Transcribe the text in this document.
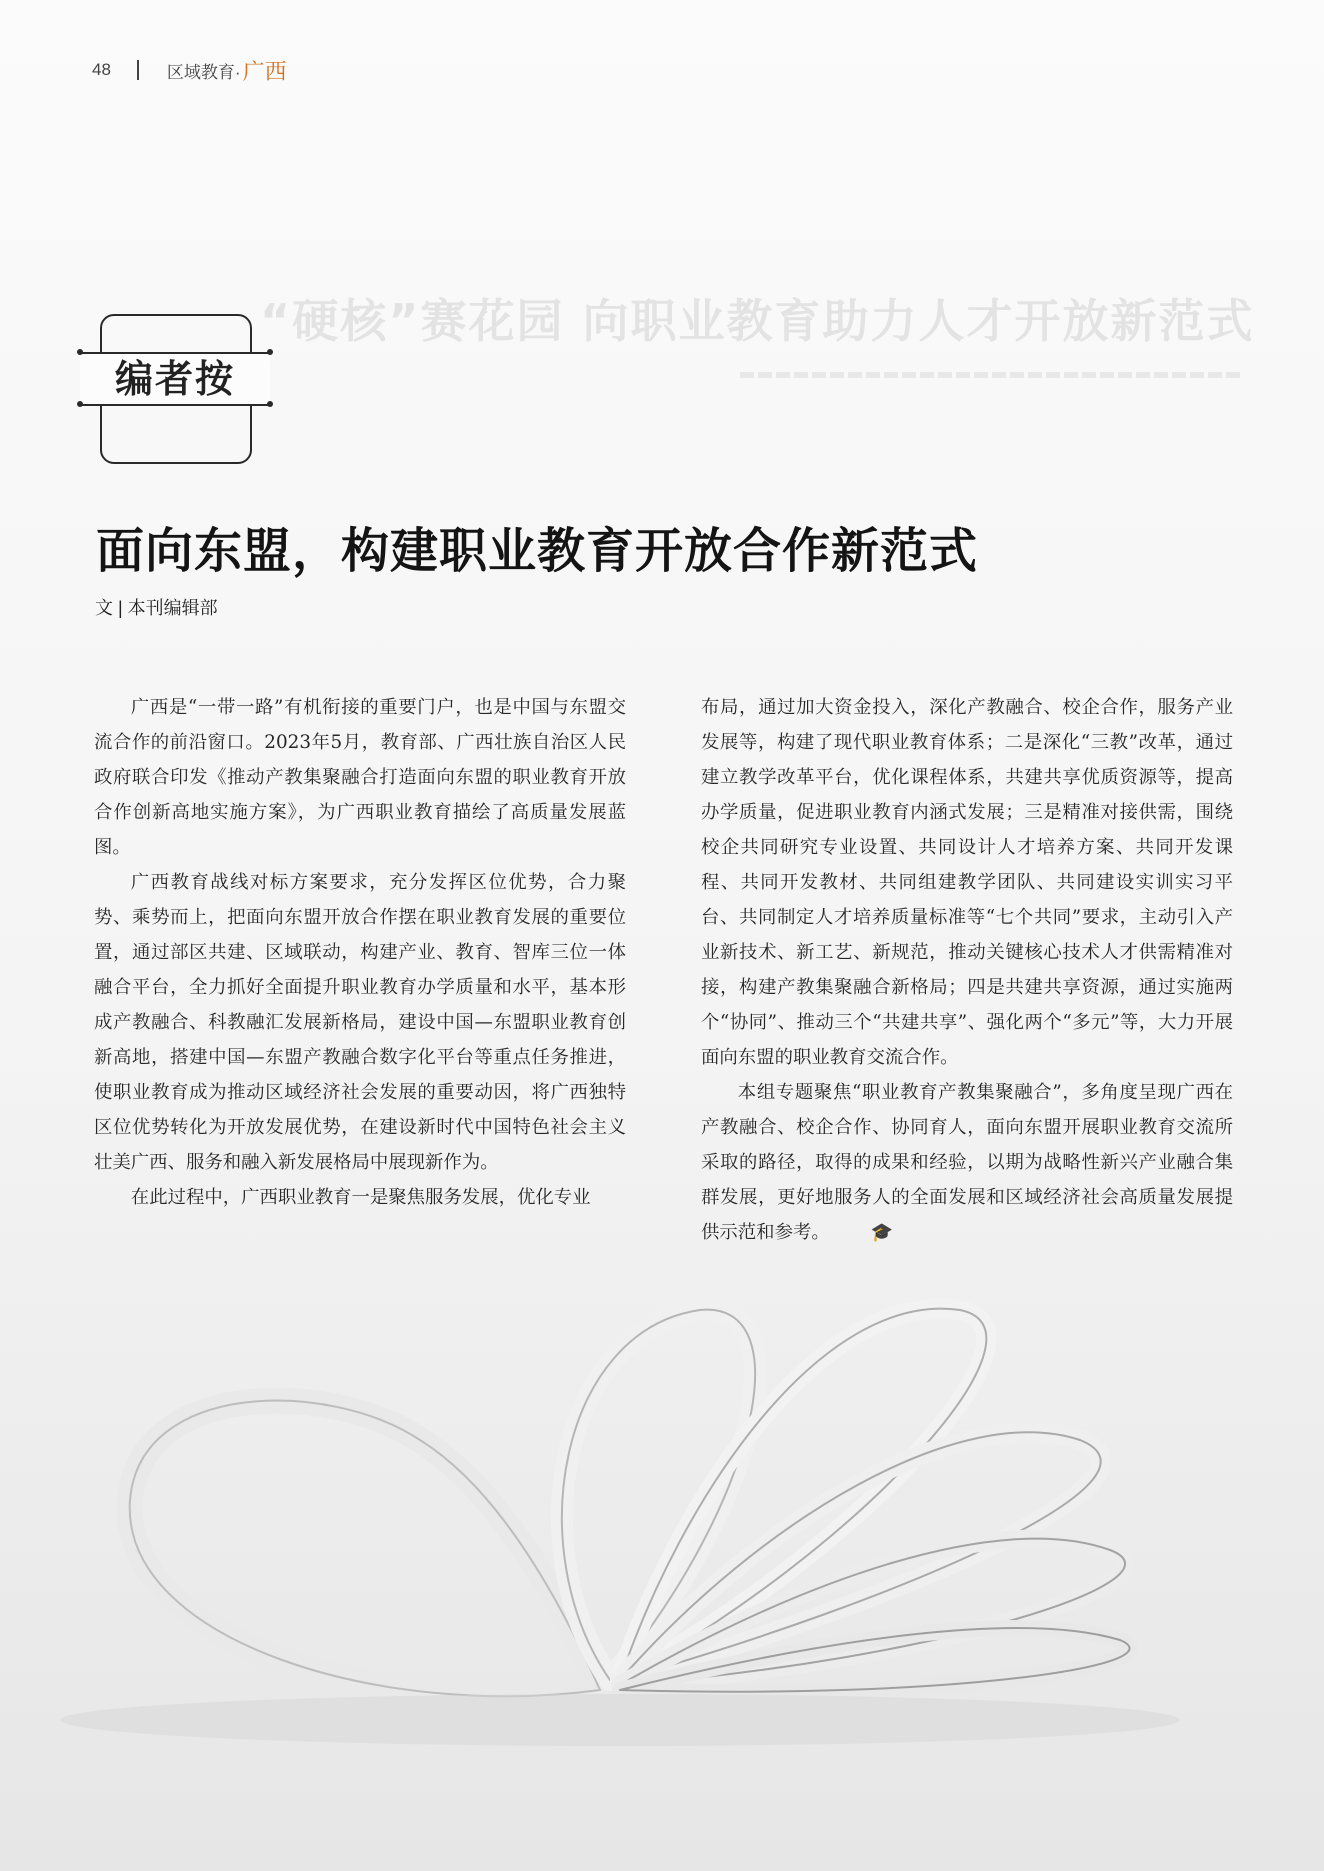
48	区域教育· 广西
“硬核”赛花园 向职业教育助力人才开放新范式
编者按
面向东盟，构建职业教育开放合作新范式
文 | 本刊编辑部

广西是“一带一路”有机衔接的重要门户，也是中国与东盟交流合作的前沿窗口。2023年5月，教育部、广西壮族自治区人民政府联合印发《推动产教集聚融合打造面向东盟的职业教育开放合作创新高地实施方案》，为广西职业教育描绘了高质量发展蓝图。

广西教育战线对标方案要求，充分发挥区位优势，合力聚势、乘势而上，把面向东盟开放合作摆在职业教育发展的重要位置，通过部区共建、区域联动，构建产业、教育、智库三位一体融合平台，全力抓好全面提升职业教育办学质量和水平，基本形成产教融合、科教融汇发展新格局，建设中国—东盟职业教育创新高地，搭建中国—东盟产教融合数字化平台等重点任务推进，使职业教育成为推动区域经济社会发展的重要动因，将广西独特区位优势转化为开放发展优势，在建设新时代中国特色社会主义壮美广西、服务和融入新发展格局中展现新作为。

在此过程中，广西职业教育一是聚焦服务发展，优化专业

布局，通过加大资金投入，深化产教融合、校企合作，服务产业发展等，构建了现代职业教育体系；二是深化“三教”改革，通过建立教学改革平台，优化课程体系，共建共享优质资源等，提高办学质量，促进职业教育内涵式发展；三是精准对接供需，围绕校企共同研究专业设置、共同设计人才培养方案、共同开发课程、共同开发教材、共同组建教学团队、共同建设实训实习平台、共同制定人才培养质量标准等“七个共同”要求，主动引入产业新技术、新工艺、新规范，推动关键核心技术人才供需精准对接，构建产教集聚融合新格局；四是共建共享资源，通过实施两个“协同”、推动三个“共建共享”、强化两个“多元”等，大力开展面向东盟的职业教育交流合作。

本组专题聚焦“职业教育产教集聚融合”，多角度呈现广西在产教融合、校企合作、协同育人，面向东盟开展职业教育交流所采取的路径，取得的成果和经验，以期为战略性新兴产业融合集群发展，更好地服务人的全面发展和区域经济社会高质量发展提供示范和参考。 🎓
